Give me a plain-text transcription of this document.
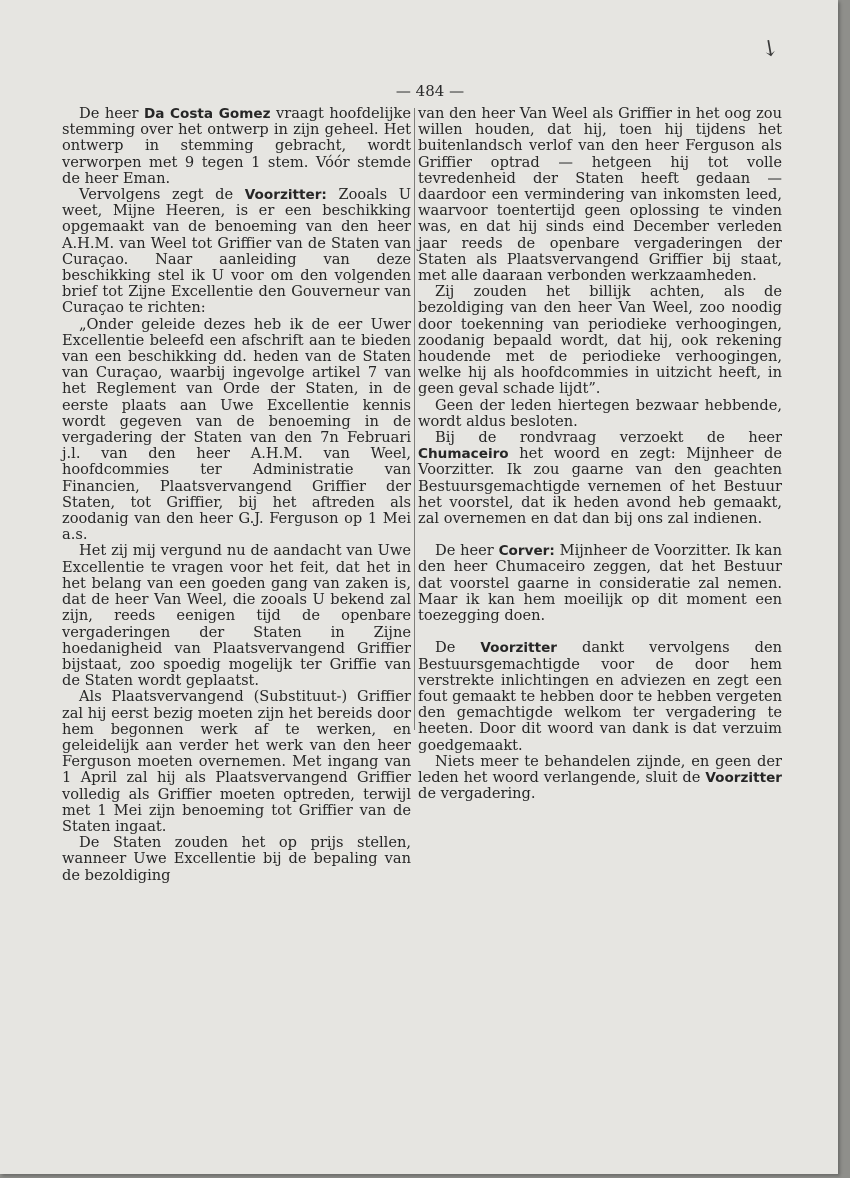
↘
— 484 —

De heer Da Costa Gomez vraagt hoofdelijke stemming over het ontwerp in zijn geheel. Het ontwerp in stemming gebracht, wordt verworpen met 9 tegen 1 stem. Vóór stemde de heer Eman.

Vervolgens zegt de Voorzitter: Zooals U weet, Mijne Heeren, is er een beschikking opgemaakt van de benoeming van den heer A.H.M. van Weel tot Griffier van de Staten van Curaçao. Naar aanleiding van deze beschikking stel ik U voor om den volgenden brief tot Zijne Excellentie den Gouverneur van Curaçao te richten:

„Onder geleide dezes heb ik de eer Uwer Excellentie beleefd een afschrift aan te bieden van een beschikking dd. heden van de Staten van Curaçao, waarbij ingevolge artikel 7 van het Reglement van Orde der Staten, in de eerste plaats aan Uwe Excellentie kennis wordt gegeven van de benoeming in de vergadering der Staten van den 7n Februari j.l. van den heer A.H.M. van Weel, hoofdcommies ter Administratie van Financien, Plaatsvervangend Griffier der Staten, tot Griffier, bij het aftreden als zoodanig van den heer G.J. Ferguson op 1 Mei a.s.

Het zij mij vergund nu de aandacht van Uwe Excellentie te vragen voor het feit, dat het in het belang van een goeden gang van zaken is, dat de heer Van Weel, die zooals U bekend zal zijn, reeds eenigen tijd de openbare vergaderingen der Staten in Zijne hoedanigheid van Plaatsvervangend Griffier bijstaat, zoo spoedig mogelijk ter Griffie van de Staten wordt geplaatst.

Als Plaatsvervangend (Substituut-) Griffier zal hij eerst bezig moeten zijn het bereids door hem begonnen werk af te werken, en geleidelijk aan verder het werk van den heer Ferguson moeten overnemen. Met ingang van 1 April zal hij als Plaatsvervangend Griffier volledig als Griffier moeten optreden, terwijl met 1 Mei zijn benoeming tot Griffier van de Staten ingaat.

De Staten zouden het op prijs stellen, wanneer Uwe Excellentie bij de bepaling van de bezoldiging

van den heer Van Weel als Griffier in het oog zou willen houden, dat hij, toen hij tijdens het buitenlandsch verlof van den heer Ferguson als Griffier optrad — hetgeen hij tot volle tevredenheid der Staten heeft gedaan — daardoor een vermindering van inkomsten leed, waarvoor toentertijd geen oplossing te vinden was, en dat hij sinds eind December verleden jaar reeds de openbare vergaderingen der Staten als Plaatsvervangend Griffier bij staat, met alle daaraan verbonden werkzaamheden.

Zij zouden het billijk achten, als de bezoldiging van den heer Van Weel, zoo noodig door toekenning van periodieke verhoogingen, zoodanig bepaald wordt, dat hij, ook rekening houdende met de periodieke verhoogingen, welke hij als hoofdcommies in uitzicht heeft, in geen geval schade lijdt”.

Geen der leden hiertegen bezwaar hebbende, wordt aldus besloten.

Bij de rondvraag verzoekt de heer Chumaceiro het woord en zegt: Mijnheer de Voorzitter. Ik zou gaarne van den geachten Bestuursgemachtigde vernemen of het Bestuur het voorstel, dat ik heden avond heb gemaakt, zal overnemen en dat dan bij ons zal indienen.

De heer Corver: Mijnheer de Voorzitter. Ik kan den heer Chumaceiro zeggen, dat het Bestuur dat voorstel gaarne in consideratie zal nemen. Maar ik kan hem moeilijk op dit moment een toezegging doen.

De Voorzitter dankt vervolgens den Bestuursgemachtigde voor de door hem verstrekte inlichtingen en adviezen en zegt een fout gemaakt te hebben door te hebben vergeten den gemachtigde welkom ter vergadering te heeten. Door dit woord van dank is dat verzuim goedgemaakt.

Niets meer te behandelen zijnde, en geen der leden het woord verlangende, sluit de Voorzitter de vergadering.
